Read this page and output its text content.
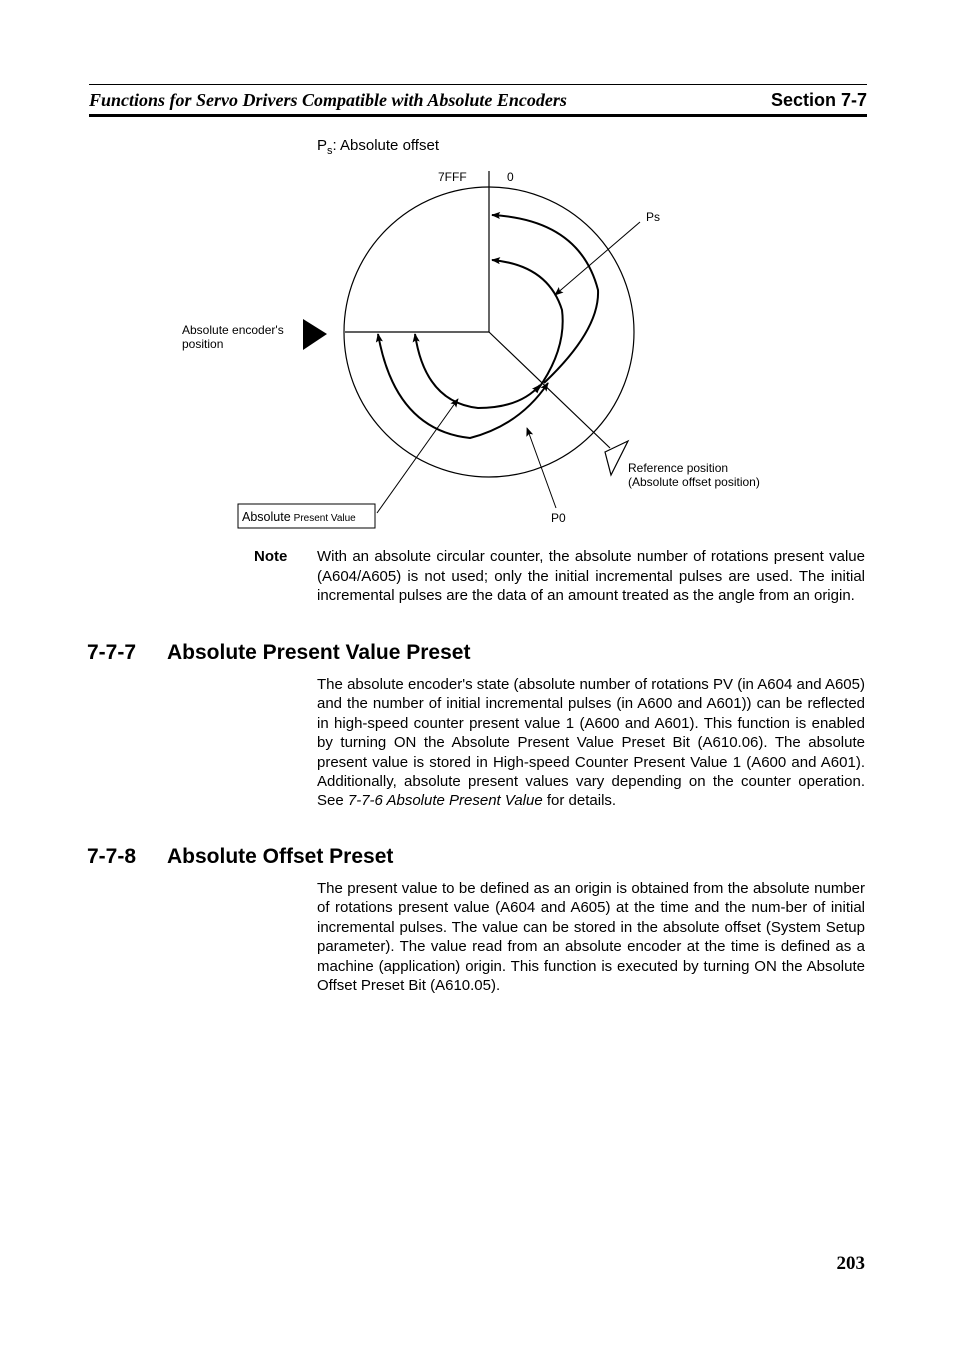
Functions for Servo Drivers Compatible with Absolute Encoders	Section 7-7
$P_s$: Absolute offset
7FFF	0
Ps
Absolute encoder's
position
Reference position
(Absolute offset position)
P0
Absolute Present Value
Note With an absolute circular counter, the absolute number of rotations present value (A604/A605) is not used; only the initial incremental pulses are used. The initial incremental pulses are the data of an amount treated as the angle from an origin.
7-7-7 Absolute Present Value Preset
The absolute encoder's state (absolute number of rotations PV (in A604 and A605) and the number of initial incremental pulses (in A600 and A601)) can be reflected in high-speed counter present value 1 (A600 and A601). This function is enabled by turning ON the Absolute Present Value Preset Bit (A610.06). The absolute present value is stored in High-speed Counter Present Value 1 (A600 and A601). Additionally, absolute present values vary depending on the counter operation. See 7-7-6 Absolute Present Value for details.
7-7-8 Absolute Offset Preset
The present value to be defined as an origin is obtained from the absolute number of rotations present value (A604 and A605) at the time and the num-ber of initial incremental pulses. The value can be stored in the absolute offset (System Setup parameter). The value read from an absolute encoder at the time is defined as a machine (application) origin. This function is executed by turning ON the Absolute Offset Preset Bit (A610.05).
203
